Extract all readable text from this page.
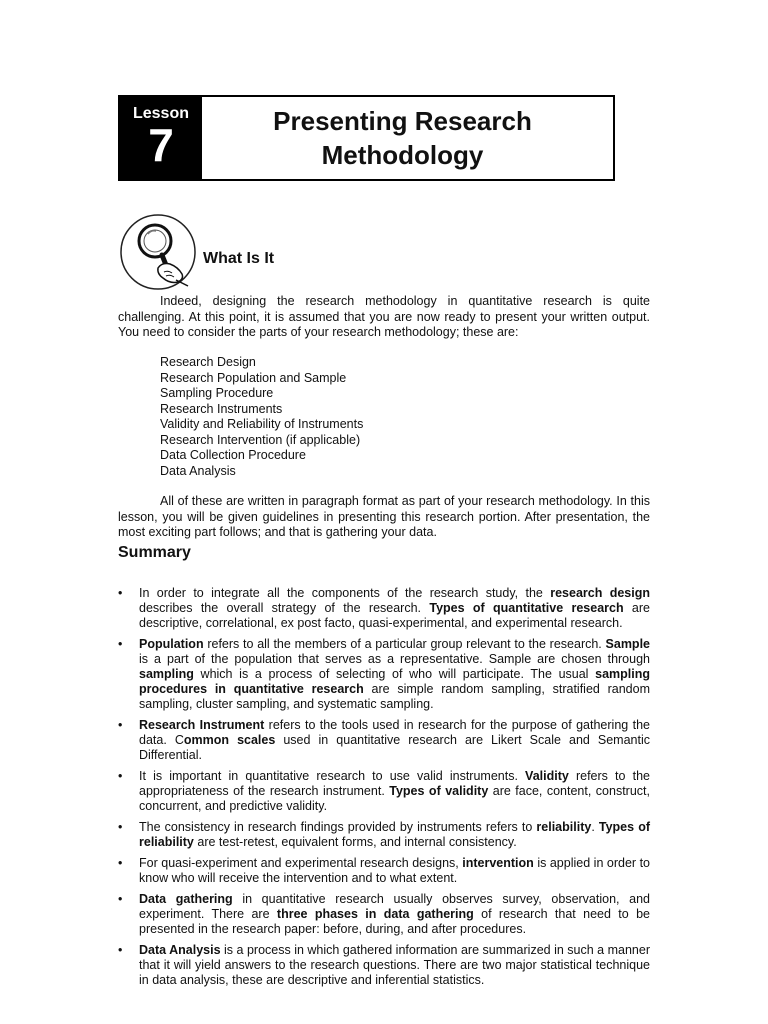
Lesson
7	Presenting Research
Methodology
What Is It

Indeed, designing the research methodology in quantitative research is quite challenging. At this point, it is assumed that you are now ready to present your written output. You need to consider the parts of your research methodology; these are:

Research Design
Research Population and Sample
Sampling Procedure
Research Instruments
Validity and Reliability of Instruments
Research Intervention (if applicable)
Data Collection Procedure
Data Analysis

All of these are written in paragraph format as part of your research methodology. In this lesson, you will be given guidelines in presenting this research portion. After presentation, the most exciting part follows; and that is gathering your data.

Summary
•	In order to integrate all the components of the research study, the research design describes the overall strategy of the research. Types of quantitative research are descriptive, correlational, ex post facto, quasi-experimental, and experimental research.
•	Population refers to all the members of a particular group relevant to the research. Sample is a part of the population that serves as a representative. Sample are chosen through sampling which is a process of selecting of who will participate. The usual sampling procedures in quantitative research are simple random sampling, stratified random sampling, cluster sampling, and systematic sampling.
•	Research Instrument refers to the tools used in research for the purpose of gathering the data. Common scales used in quantitative research are Likert Scale and Semantic Differential.
•	It is important in quantitative research to use valid instruments. Validity refers to the appropriateness of the research instrument. Types of validity are face, content, construct, concurrent, and predictive validity.
•	The consistency in research findings provided by instruments refers to reliability. Types of reliability are test-retest, equivalent forms, and internal consistency.
•	For quasi-experiment and experimental research designs, intervention is applied in order to know who will receive the intervention and to what extent.
•	Data gathering in quantitative research usually observes survey, observation, and experiment. There are three phases in data gathering of research that need to be presented in the research paper: before, during, and after procedures.
•	Data Analysis is a process in which gathered information are summarized in such a manner that it will yield answers to the research questions. There are two major statistical technique in data analysis, these are descriptive and inferential statistics.
